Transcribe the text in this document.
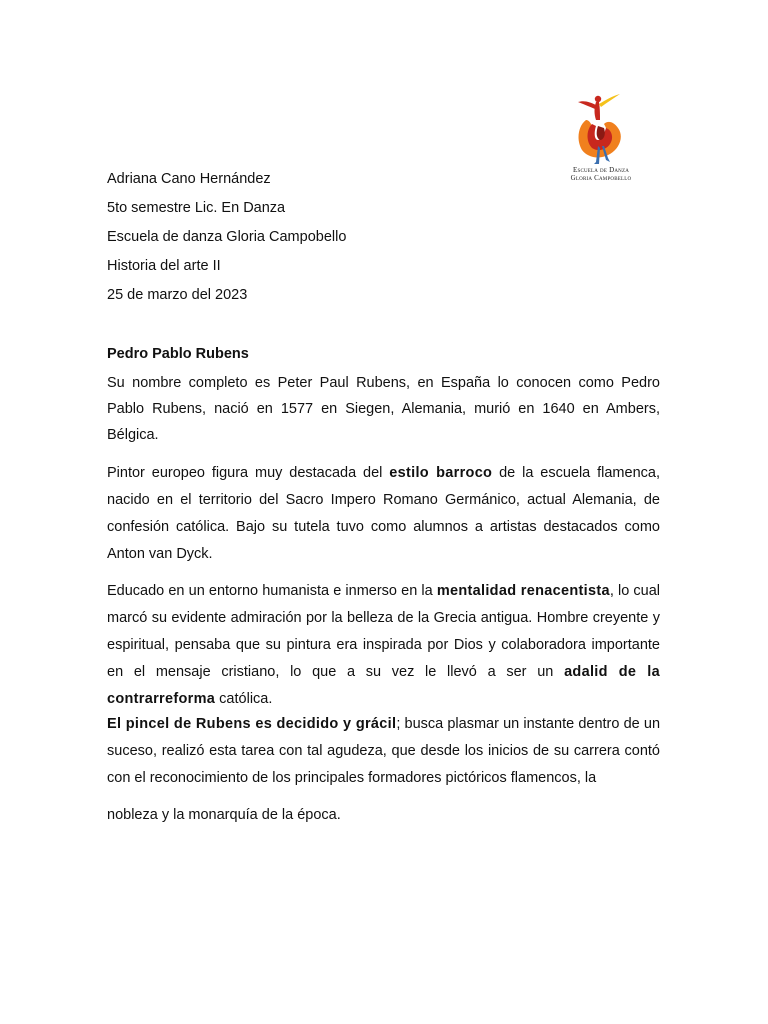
Escuela de Danza
Gloria Campobello
Adriana Cano Hernández
5to semestre Lic. En Danza
Escuela de danza Gloria Campobello
Historia del arte II
25 de marzo del 2023
Pedro Pablo Rubens

Su nombre completo es Peter Paul Rubens, en España lo conocen como Pedro Pablo Rubens, nació en 1577 en Siegen, Alemania, murió en 1640 en Ambers, Bélgica.

Pintor europeo figura muy destacada del estilo barroco de la escuela flamenca, nacido en el territorio del Sacro Impero Romano Germánico, actual Alemania, de confesión católica. Bajo su tutela tuvo como alumnos a artistas destacados como Anton van Dyck.

Educado en un entorno humanista e inmerso en la mentalidad renacentista, lo cual marcó su evidente admiración por la belleza de la Grecia antigua. Hombre creyente y espiritual, pensaba que su pintura era inspirada por Dios y colaboradora importante en el mensaje cristiano, lo que a su vez le llevó a ser un adalid de la contrarreforma católica.

El pincel de Rubens es decidido y grácil; busca plasmar un instante dentro de un suceso, realizó esta tarea con tal agudeza, que desde los inicios de su carrera contó con el reconocimiento de los principales formadores pictóricos flamencos, la
nobleza y la monarquía de la época.
